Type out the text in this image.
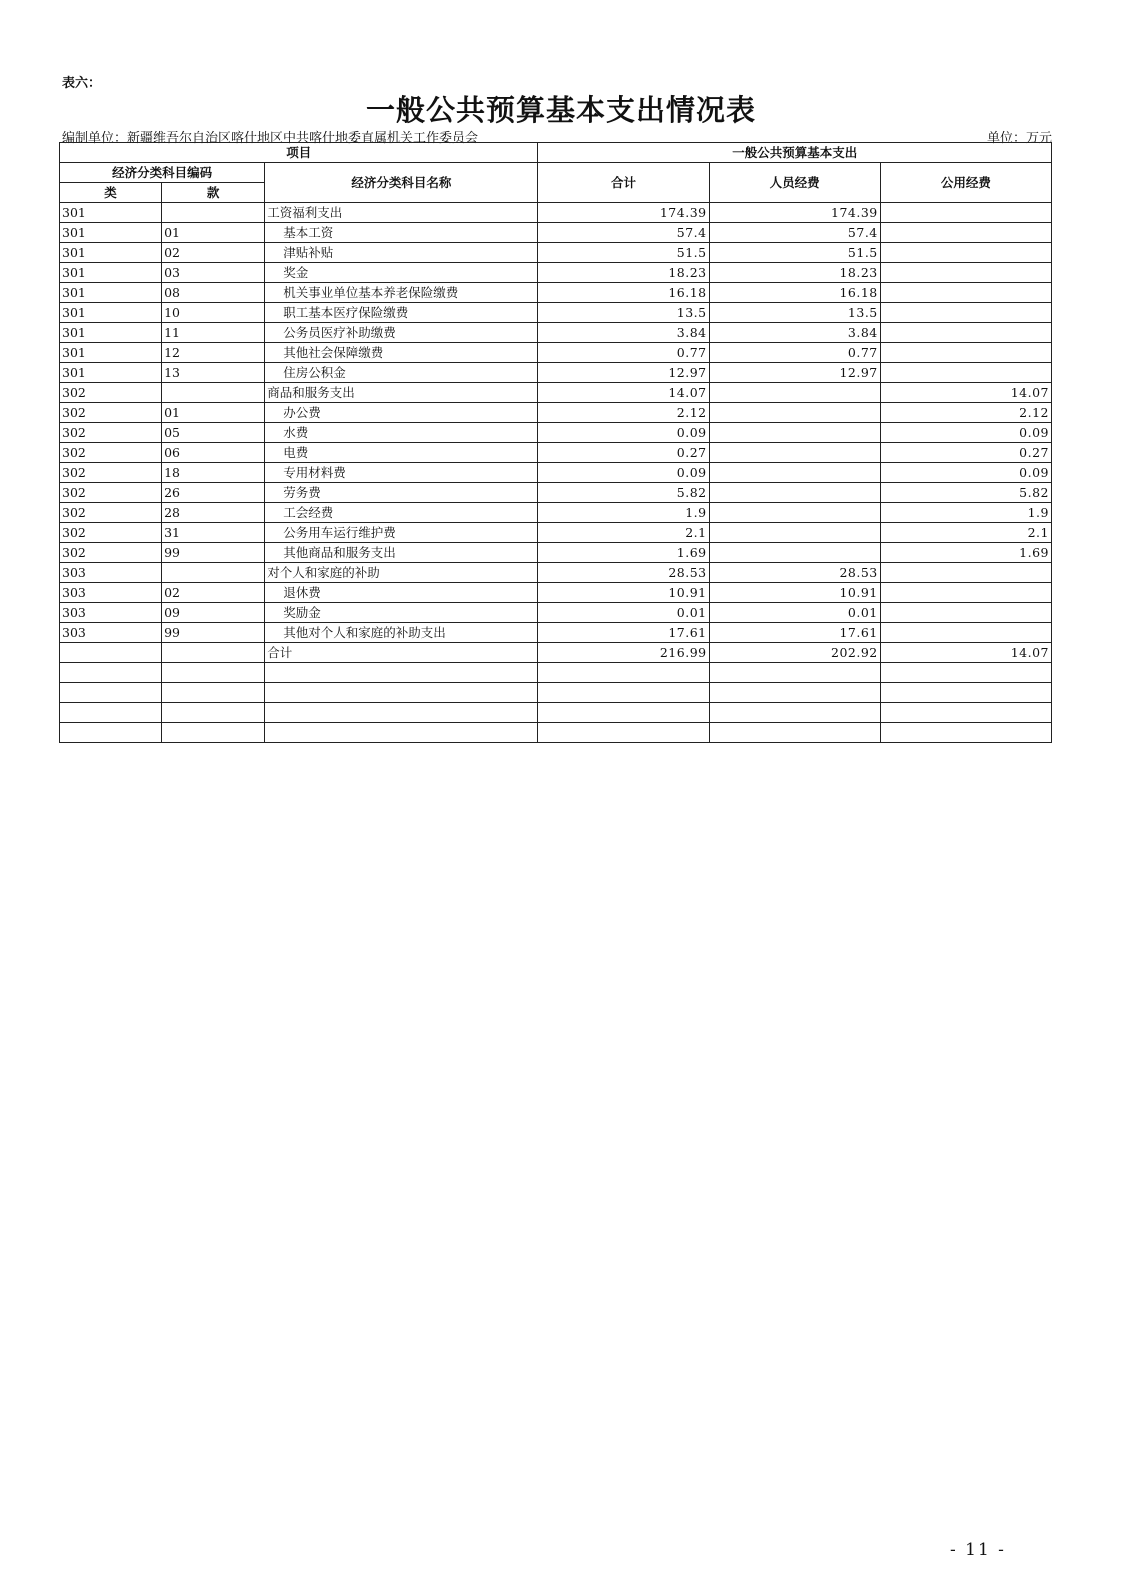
表六：
一般公共预算基本支出情况表
编制单位：新疆维吾尔自治区喀什地区中共喀什地委直属机关工作委员会	单位：万元
项目			一般公共预算基本支出		
经济分类科目编码		经济分类科目名称	合计	人员经费	公用经费
类	款				
301		工资福利支出	174.39	174.39	
301	01	基本工资	57.4	57.4	
301	02	津贴补贴	51.5	51.5	
301	03	奖金	18.23	18.23	
301	08	机关事业单位基本养老保险缴费	16.18	16.18	
301	10	职工基本医疗保险缴费	13.5	13.5	
301	11	公务员医疗补助缴费	3.84	3.84	
301	12	其他社会保障缴费	0.77	0.77	
301	13	住房公积金	12.97	12.97	
302		商品和服务支出	14.07		14.07
302	01	办公费	2.12		2.12
302	05	水费	0.09		0.09
302	06	电费	0.27		0.27
302	18	专用材料费	0.09		0.09
302	26	劳务费	5.82		5.82
302	28	工会经费	1.9		1.9
302	31	公务用车运行维护费	2.1		2.1
302	99	其他商品和服务支出	1.69		1.69
303		对个人和家庭的补助	28.53	28.53	
303	02	退休费	10.91	10.91	
303	09	奖励金	0.01	0.01	
303	99	其他对个人和家庭的补助支出	17.61	17.61	
		合计	216.99	202.92	14.07

- 11 -
